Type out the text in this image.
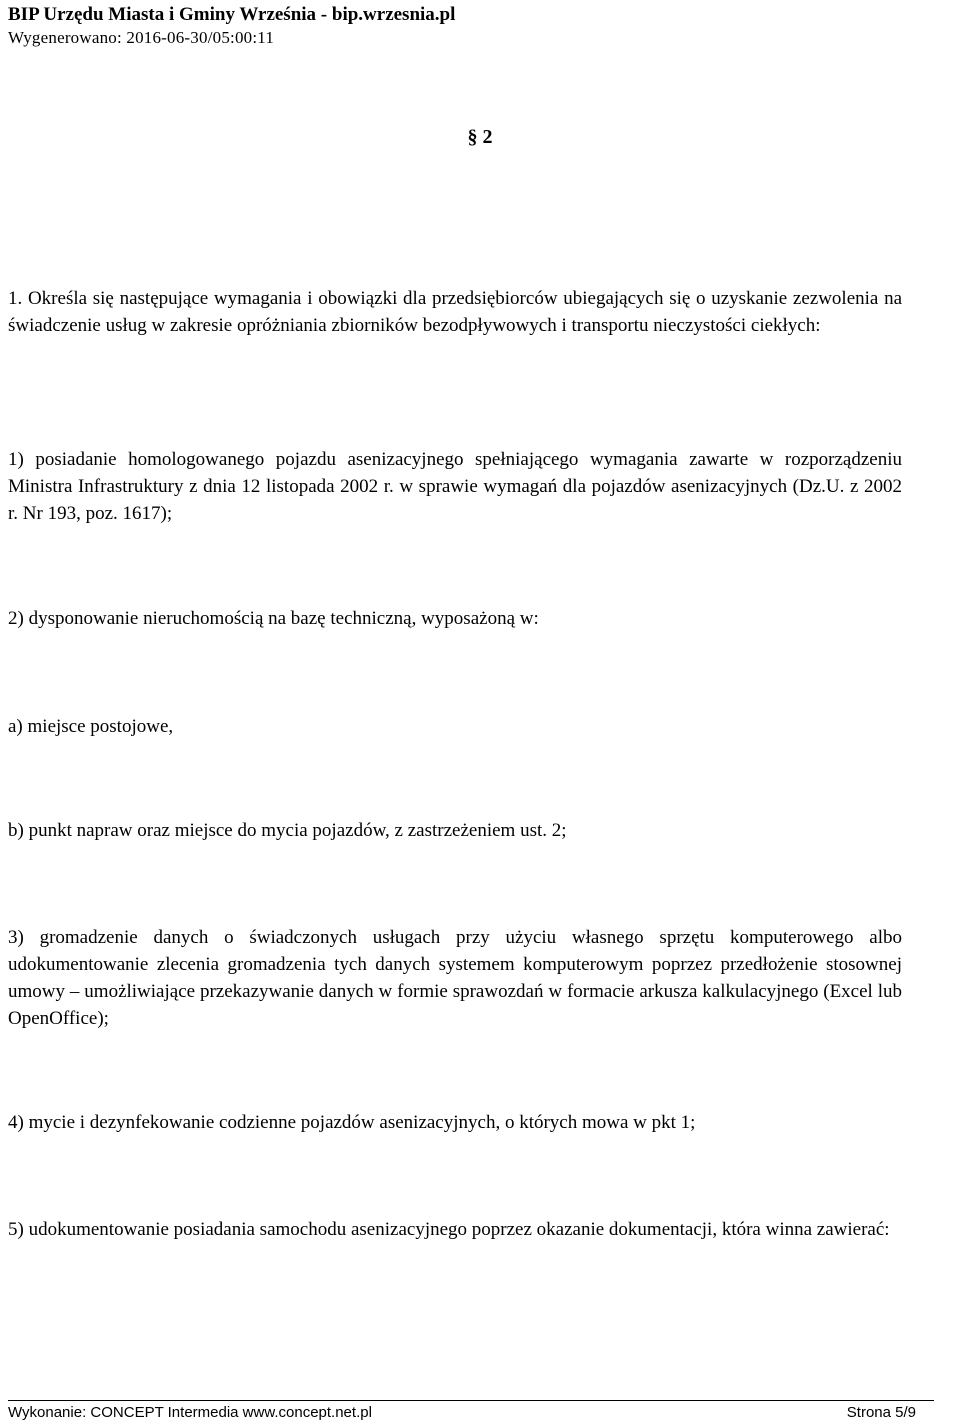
BIP Urzędu Miasta i Gminy Września - bip.wrzesnia.pl
Wygenerowano: 2016-06-30/05:00:11
§ 2
1. Określa się następujące wymagania i obowiązki dla przedsiębiorców ubiegających się o uzyskanie zezwolenia na świadczenie usług w zakresie opróżniania zbiorników bezodpływowych i transportu nieczystości ciekłych:
1) posiadanie homologowanego pojazdu asenizacyjnego spełniającego wymagania zawarte w rozporządzeniu Ministra Infrastruktury z dnia 12 listopada 2002 r. w sprawie wymagań dla pojazdów asenizacyjnych (Dz.U. z 2002 r. Nr 193, poz. 1617);
2) dysponowanie nieruchomością na bazę techniczną, wyposażoną w:
a) miejsce postojowe,
b) punkt napraw oraz miejsce do mycia pojazdów, z zastrzeżeniem ust. 2;
3) gromadzenie danych o świadczonych usługach przy użyciu własnego sprzętu komputerowego albo udokumentowanie zlecenia gromadzenia tych danych systemem komputerowym poprzez przedłożenie stosownej umowy – umożliwiające przekazywanie danych w formie sprawozdań w formacie arkusza kalkulacyjnego (Excel lub OpenOffice);
4) mycie i dezynfekowanie codzienne pojazdów asenizacyjnych, o których mowa w pkt 1;
5) udokumentowanie posiadania samochodu asenizacyjnego poprzez okazanie dokumentacji, która winna zawierać:
Wykonanie: CONCEPT Intermedia www.concept.net.pl	Strona 5/9
